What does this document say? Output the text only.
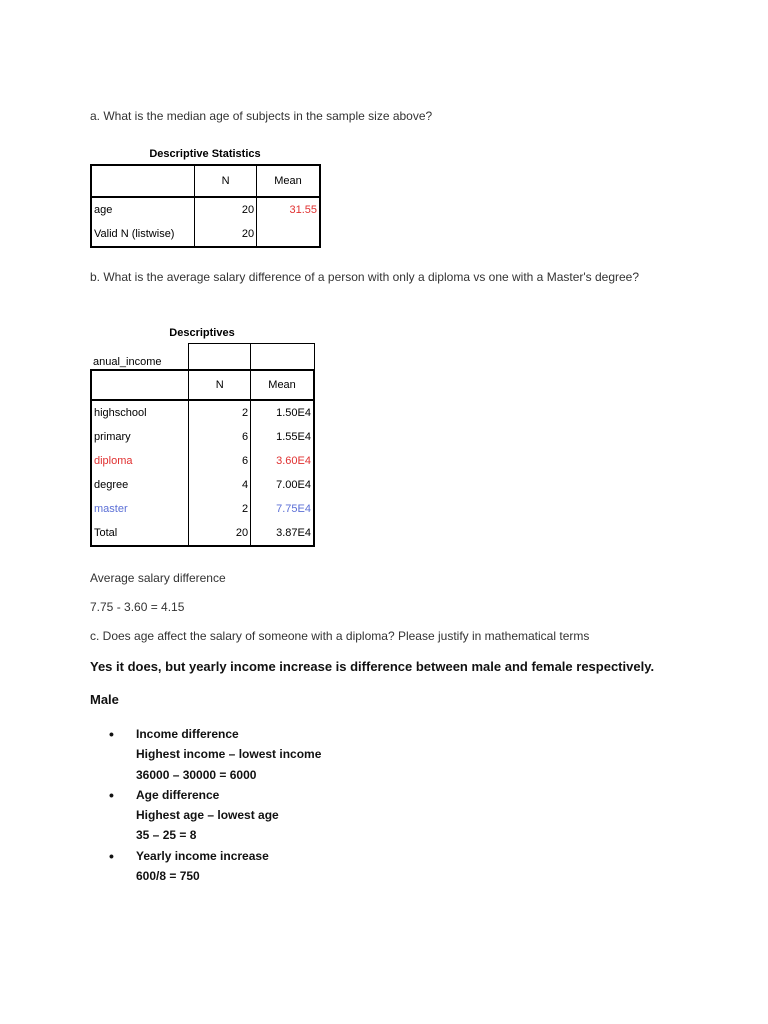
a. What is the median age of subjects in the sample size above?
Descriptive Statistics
	N	Mean
age	20	31.55
Valid N (listwise)	20	
b. What is the average salary difference of a person with only a diploma vs one with a Master's degree?
Descriptives
anual_income		
	N	Mean
highschool	2	1.50E4
primary	6	1.55E4
diploma	6	3.60E4
degree	4	7.00E4
master	2	7.75E4
Total	20	3.87E4
Average salary difference
7.75 - 3.60 = 4.15
c. Does age affect the salary of someone with a diploma? Please justify in mathematical terms
Yes it does, but yearly income increase is difference between male and female respectively.
Male
• Income difference
Highest income – lowest income
36000 – 30000 = 6000
• Age difference
Highest age – lowest age
35 – 25 = 8
• Yearly income increase
600/8 = 750
